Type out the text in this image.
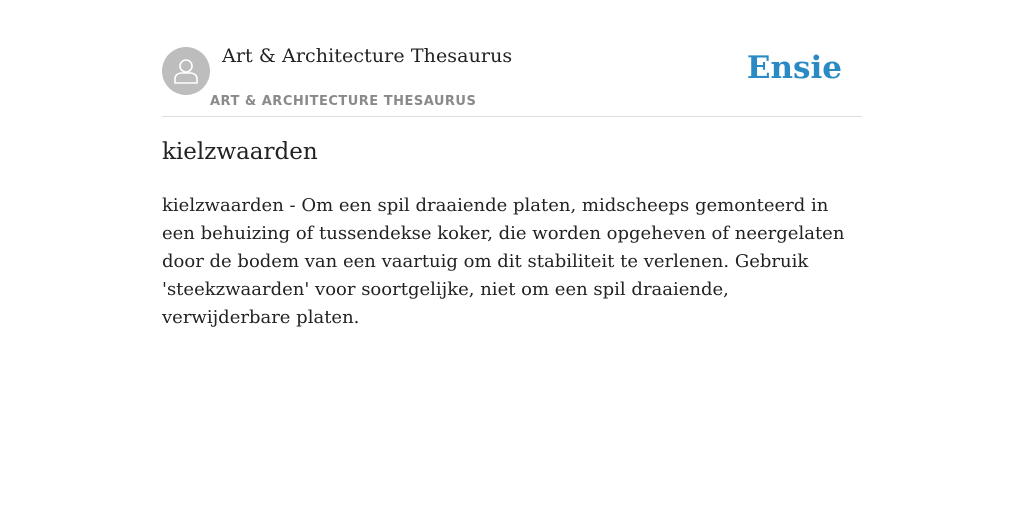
Art & Architecture Thesaurus
ART & ARCHITECTURE THESAURUS
Ensie
kielzwaarden

kielzwaarden - Om een spil draaiende platen, midscheeps gemonteerd in een behuizing of tussendekse koker, die worden opgeheven of neergelaten door de bodem van een vaartuig om dit stabiliteit te verlenen. Gebruik 'steekzwaarden' voor soortgelijke, niet om een spil draaiende, verwijderbare platen.
